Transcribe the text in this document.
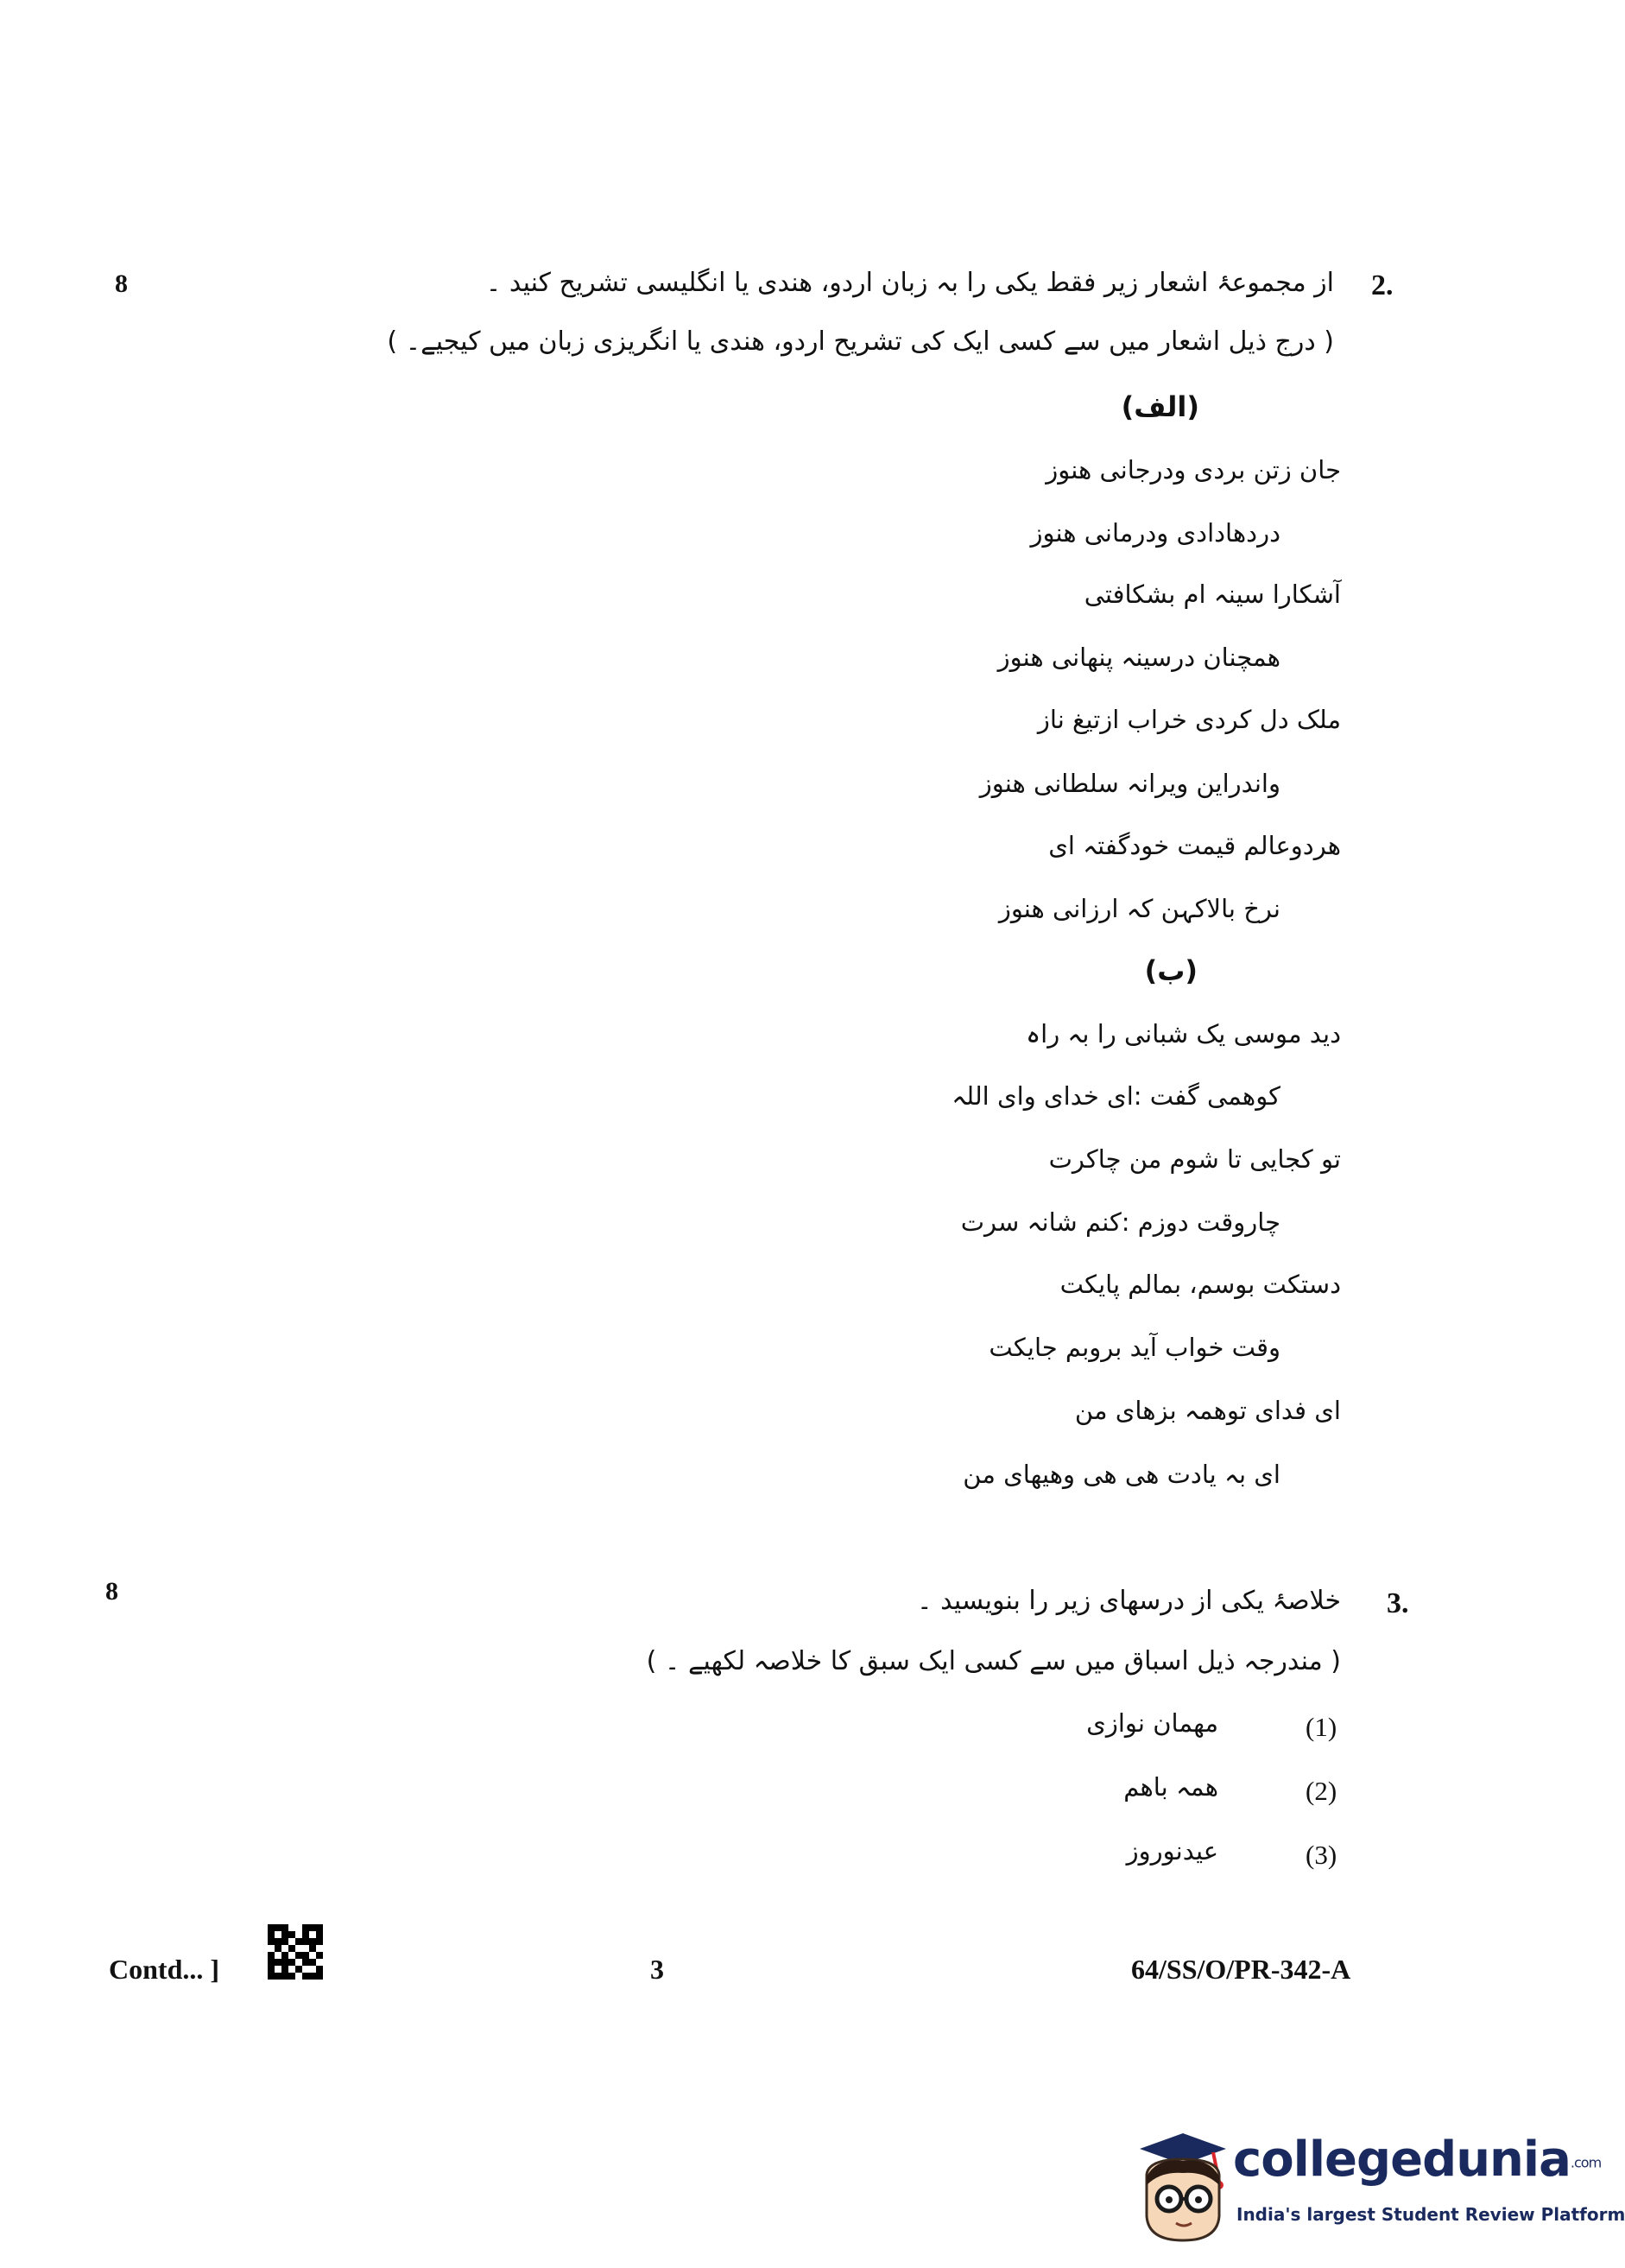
8	2.
از مجموعۂ اشعار زیر فقط یکی را بہ زبان اردو، ھندی یا انگلیسی تشریح کنید ۔
( درج ذیل اشعار میں سے کسی ایک کی تشریح اردو، ھندی یا انگریزی زبان میں کیجیے۔ )
(الف)
جان زتن بردی ودرجانی ھنوز
دردھادادی ودرمانی ھنوز
آشکارا سینہ ام بشکافتی
ھمچنان درسینہ پنھانی ھنوز
ملک دل کردی خراب ازتیغ ناز
واندراین ویرانہ سلطانی ھنوز
ھردوعالم قیمت خودگفتہ ای
نرخ بالاکہن کہ ارزانی ھنوز
(ب)
دید موسی یک شبانی را بہ راہ
کوھمی گفت :ای خدای وای اللہ
تو کجایی تا شوم من چاکرت
چاروقت دوزم :کنم شانہ سرت
دستکت بوسم، بمالم پایکت
وقت خواب آید بروبم جایکت
ای فدای توھمہ بزھای من
ای بہ یادت ھی ھی وھیھای من
8	3.
خلاصۂ یکی از درسھای زیر را بنویسید ۔
( مندرجہ ذیل اسباق میں سے کسی ایک سبق کا خلاصہ لکھیے ۔ )
(1)
مھمان نوازی
(2)
ھمہ باھم
(3)
عیدنوروز
Contd... ]	3	64/SS/O/PR-342-A
collegedunia.com
India's largest Student Review Platform
